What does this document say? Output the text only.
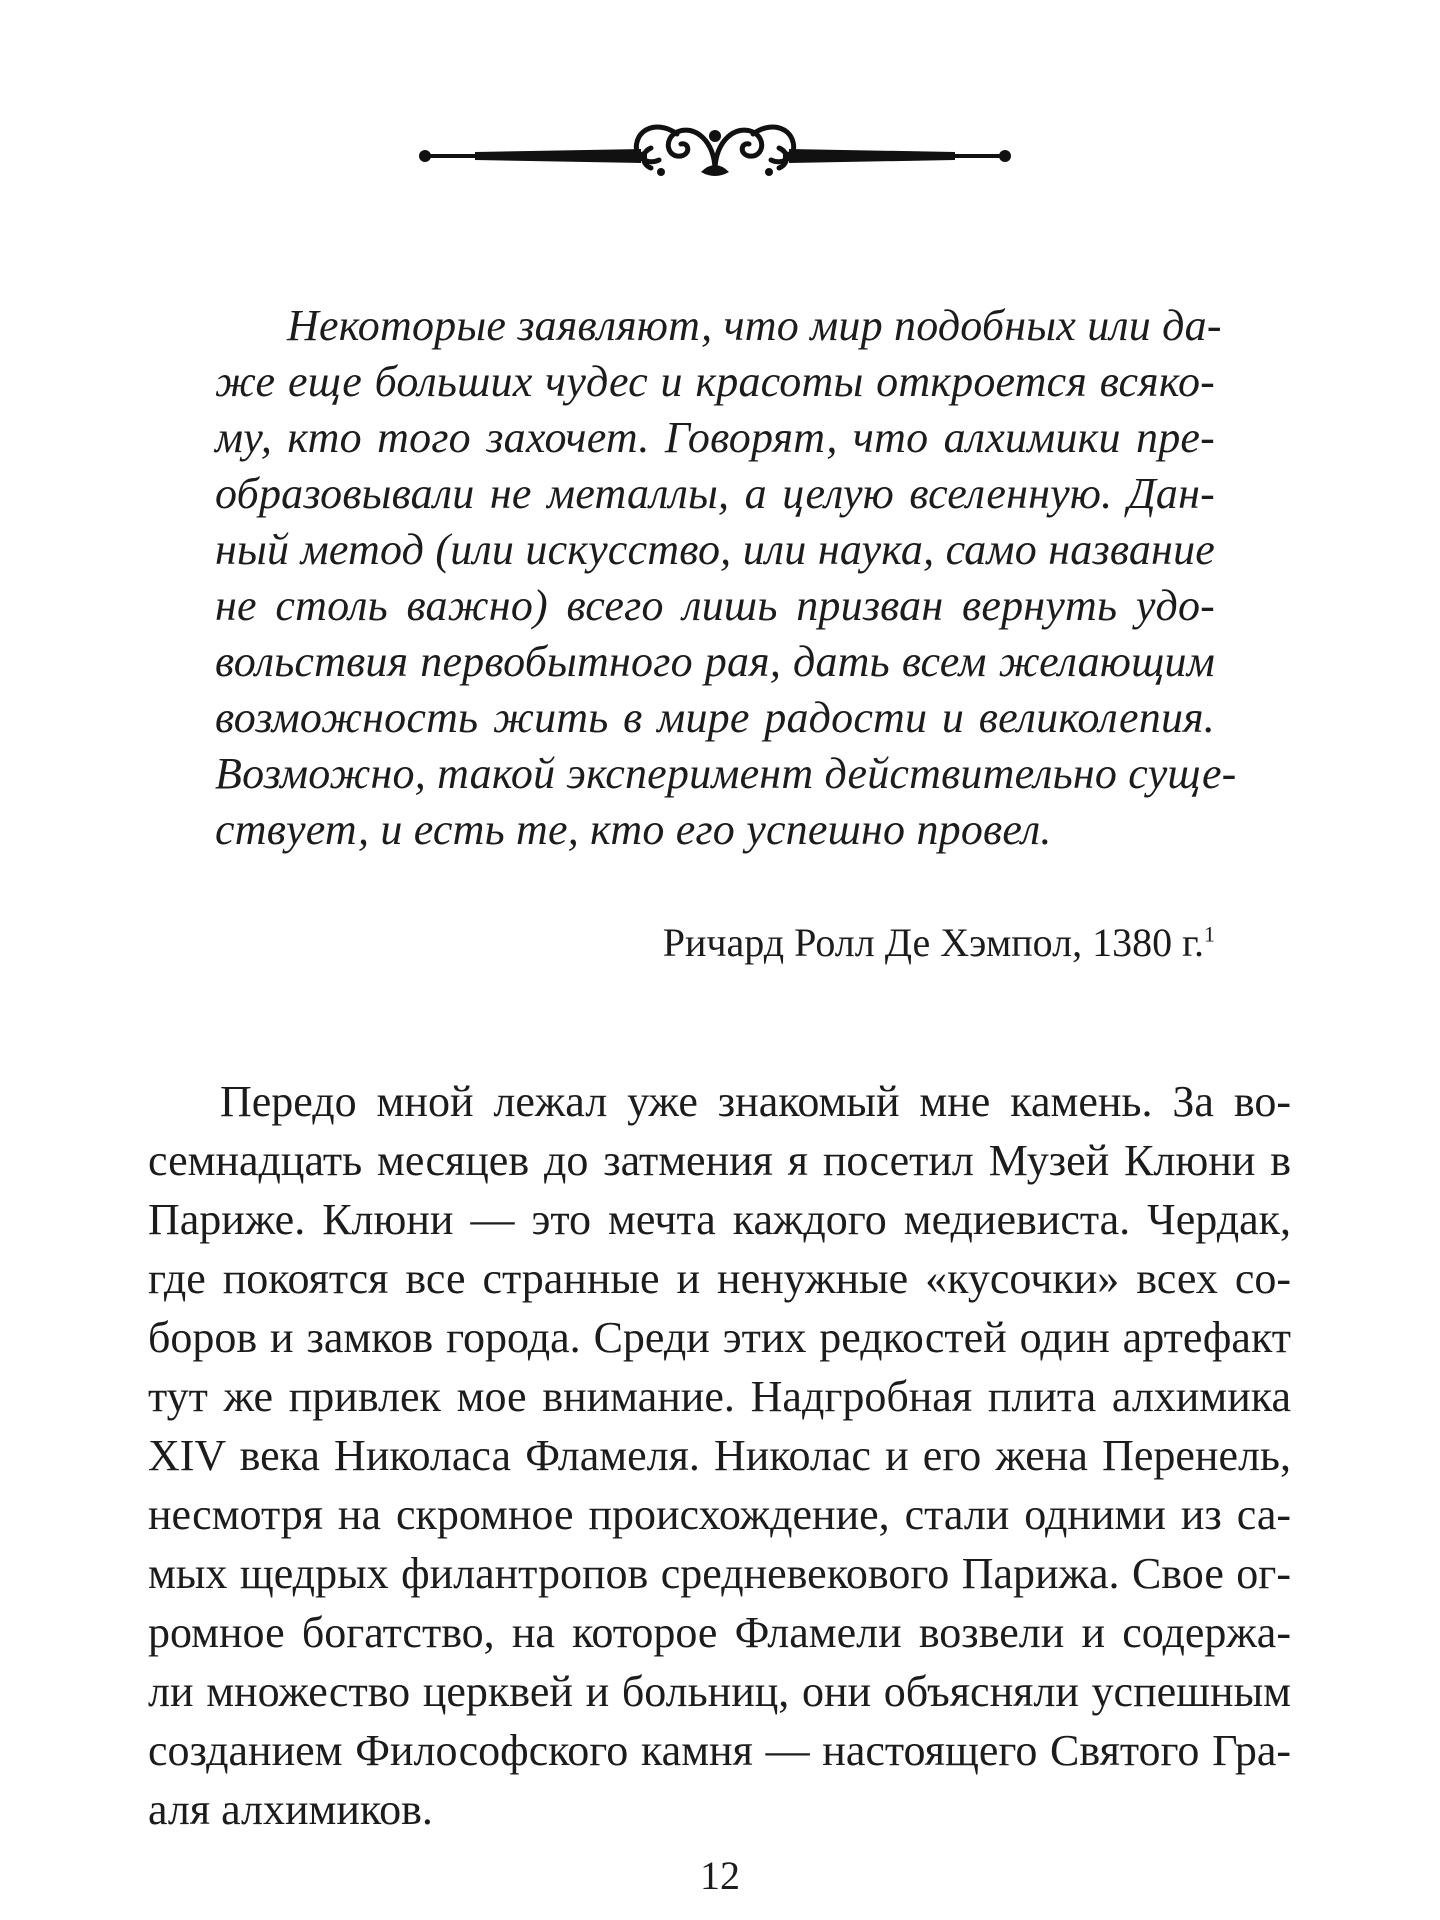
Некоторые заявляют, что мир подобных или да-
же еще больших чудес и красоты откроется всяко-
му, кто того захочет. Говорят, что алхимики пре-
образовывали не металлы, а целую вселенную. Дан-
ный метод (или искусство, или наука, само название
не столь важно) всего лишь призван вернуть удо-
вольствия первобытного рая, дать всем желающим
возможность жить в мире радости и великолепия.
Возможно, такой эксперимент действительно суще-
ствует, и есть те, кто его успешно провел.
Ричард Ролл Де Хэмпол, 1380 г.$^1$
Передо мной лежал уже знакомый мне камень. За во-
семнадцать месяцев до затмения я посетил Музей Клюни в
Париже. Клюни — это мечта каждого медиевиста. Чердак,
где покоятся все странные и ненужные «кусочки» всех со-
боров и замков города. Среди этих редкостей один артефакт
тут же привлек мое внимание. Надгробная плита алхимика
XIV века Николаса Фламеля. Николас и его жена Перенель,
несмотря на скромное происхождение, стали одними из са-
мых щедрых филантропов средневекового Парижа. Свое ог-
ромное богатство, на которое Фламели возвели и содержа-
ли множество церквей и больниц, они объясняли успешным
созданием Философского камня — настоящего Святого Гра-
аля алхимиков.
12
